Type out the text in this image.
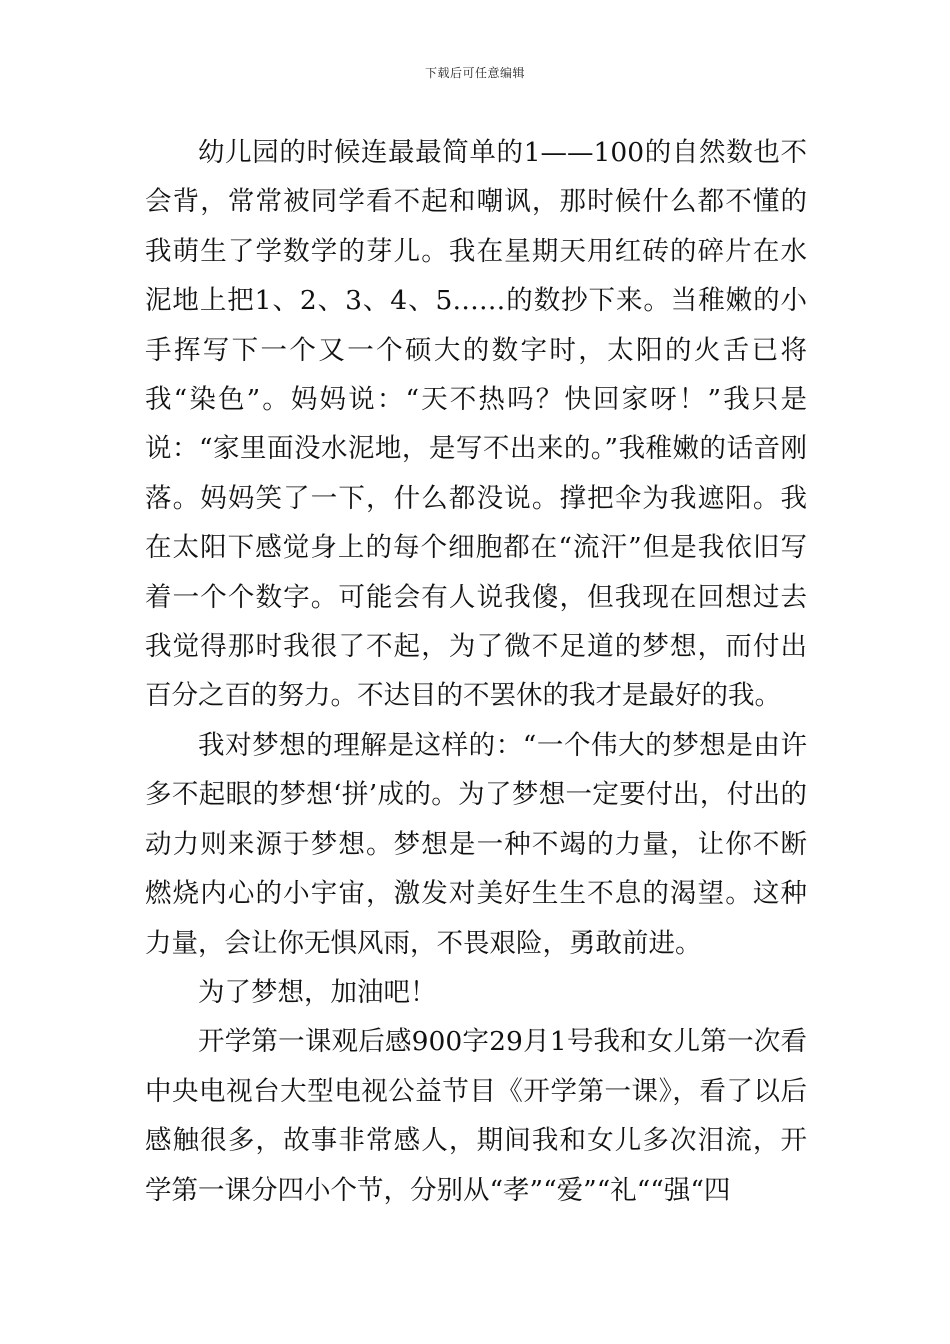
下载后可任意编辑

幼儿园的时候连最最简单的1——100的自然数也不会背，常常被同学看不起和嘲讽，那时候什么都不懂的我萌生了学数学的芽儿。我在星期天用红砖的碎片在水泥地上把1、2、3、4、5……的数抄下来。当稚嫩的小手挥写下一个又一个硕大的数字时，太阳的火舌已将我“染色”。妈妈说：“天不热吗？快回家呀！”我只是说：“家里面没水泥地，是写不出来的。”我稚嫩的话音刚落。妈妈笑了一下，什么都没说。撑把伞为我遮阳。我在太阳下感觉身上的每个细胞都在“流汗”但是我依旧写着一个个数字。可能会有人说我傻，但我现在回想过去我觉得那时我很了不起，为了微不足道的梦想，而付出百分之百的努力。不达目的不罢休的我才是最好的我。

我对梦想的理解是这样的：“一个伟大的梦想是由许多不起眼的梦想‘拼’成的。为了梦想一定要付出，付出的动力则来源于梦想。梦想是一种不竭的力量，让你不断燃烧内心的小宇宙，激发对美好生生不息的渴望。这种力量，会让你无惧风雨，不畏艰险，勇敢前进。

为了梦想，加油吧！

开学第一课观后感900字29月1号我和女儿第一次看中央电视台大型电视公益节目《开学第一课》，看了以后感触很多，故事非常感人，期间我和女儿多次泪流，开学第一课分四小个节，分别从“孝”“爱”“礼““强“四
